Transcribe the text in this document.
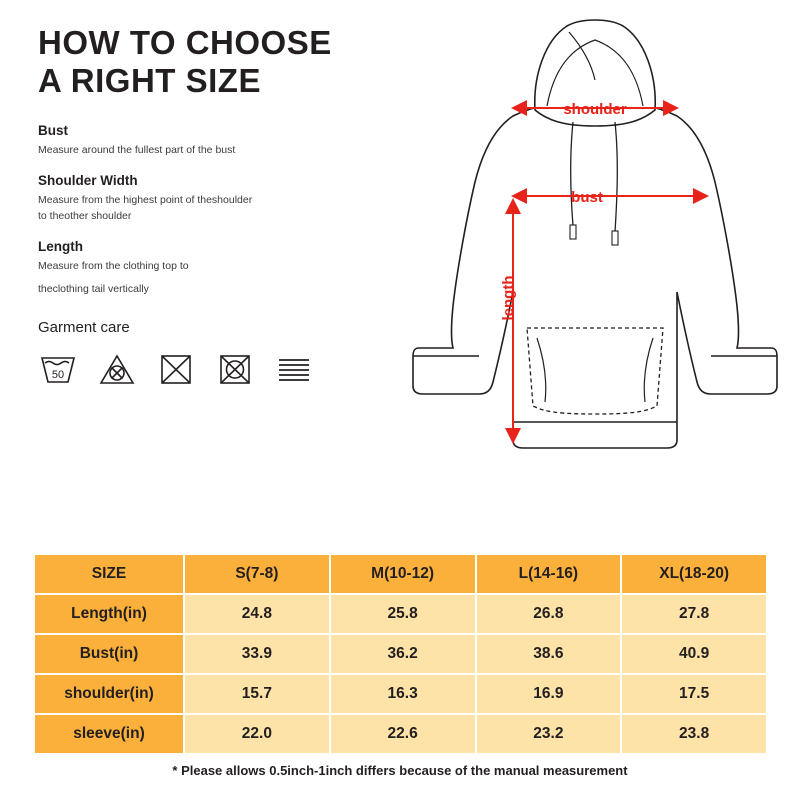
HOW TO CHOOSE
A RIGHT SIZE
Bust
Measure around the fullest part of the bust
Shoulder Width
Measure from the highest point of theshoulder
to theother shoulder
Length
Measure from the clothing top to
theclothing tail vertically
Garment care
50
shoulder
bust
length
SIZE	S(7-8)	M(10-12)	L(14-16)	XL(18-20)
Length(in)	24.8	25.8	26.8	27.8
Bust(in)	33.9	36.2	38.6	40.9
shoulder(in)	15.7	16.3	16.9	17.5
sleeve(in)	22.0	22.6	23.2	23.8
* Please allows 0.5inch-1inch differs because of the manual measurement
